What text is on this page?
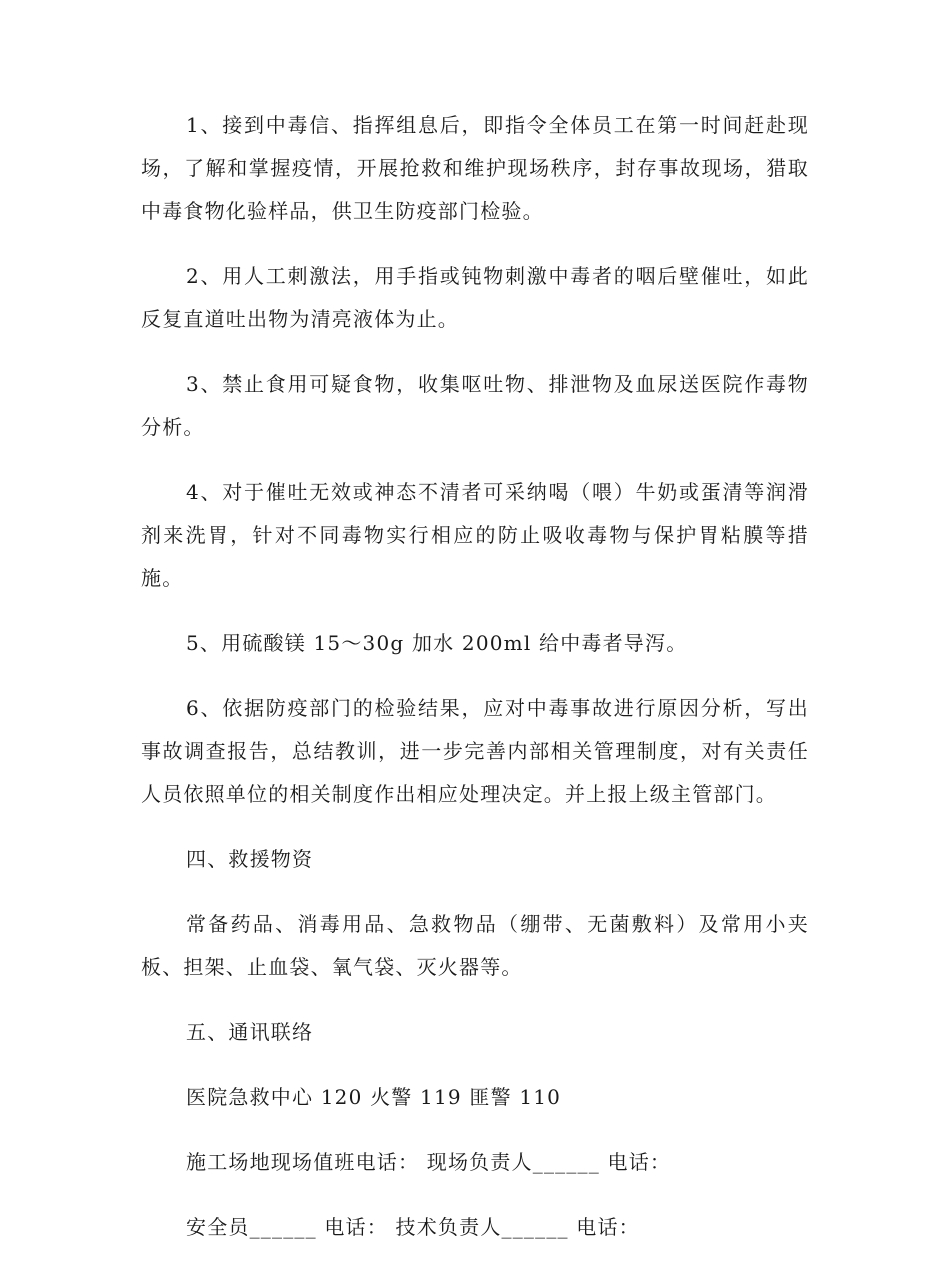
1、接到中毒信、指挥组息后，即指令全体员工在第一时间赶赴现场，了解和掌握疫情，开展抢救和维护现场秩序，封存事故现场，猎取中毒食物化验样品，供卫生防疫部门检验。

2、用人工刺激法，用手指或钝物刺激中毒者的咽后壁催吐，如此反复直道吐出物为清亮液体为止。

3、禁止食用可疑食物，收集呕吐物、排泄物及血尿送医院作毒物分析。

4、对于催吐无效或神态不清者可采纳喝（喂）牛奶或蛋清等润滑剂来洗胃，针对不同毒物实行相应的防止吸收毒物与保护胃粘膜等措施。

5、用硫酸镁 15～30g 加水 200ml 给中毒者导泻。

6、依据防疫部门的检验结果，应对中毒事故进行原因分析，写出事故调查报告，总结教训，进一步完善内部相关管理制度，对有关责任人员依照单位的相关制度作出相应处理决定。并上报上级主管部门。

四、救援物资

常备药品、消毒用品、急救物品（绷带、无菌敷料）及常用小夹板、担架、止血袋、氧气袋、灭火器等。

五、通讯联络

医院急救中心 120 火警 119 匪警 110

施工场地现场值班电话： 现场负责人______ 电话：

安全员______ 电话： 技术负责人______ 电话：
